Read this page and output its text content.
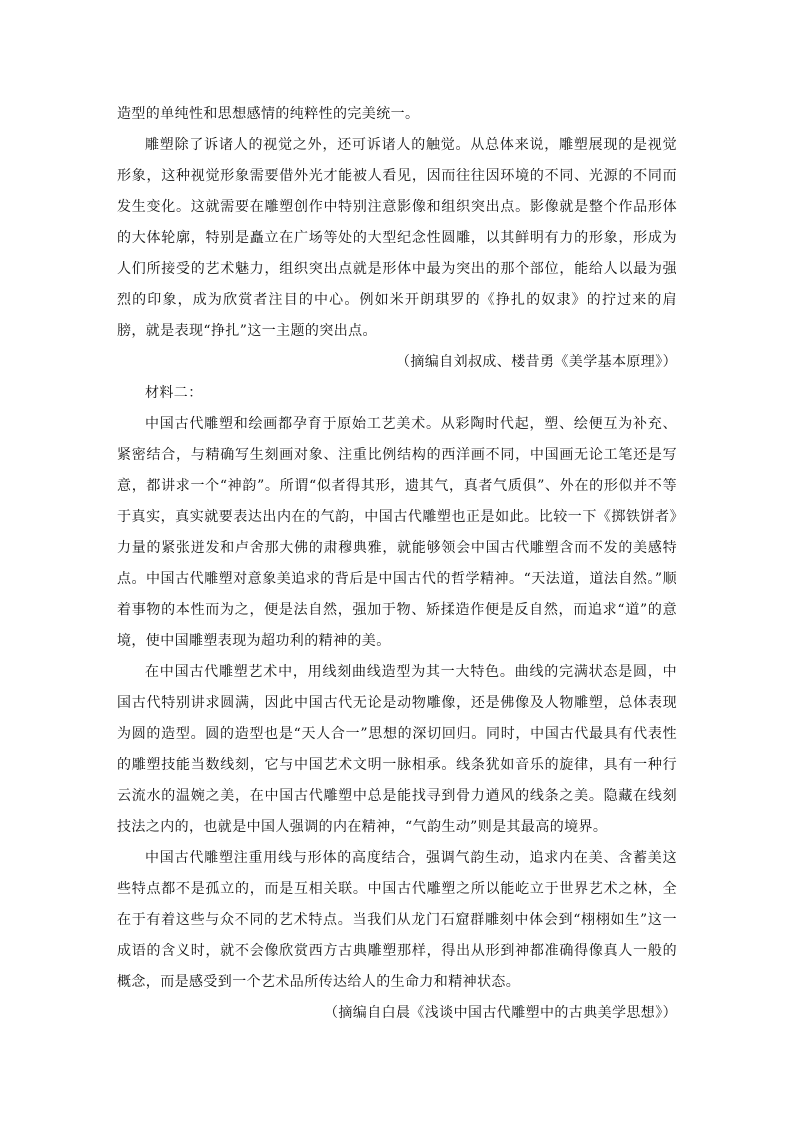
造型的单纯性和思想感情的纯粹性的完美统一。

雕塑除了诉诸人的视觉之外，还可诉诸人的触觉。从总体来说，雕塑展现的是视觉形象，这种视觉形象需要借外光才能被人看见，因而往往因环境的不同、光源的不同而发生变化。这就需要在雕塑创作中特别注意影像和组织突出点。影像就是整个作品形体的大体轮廓，特别是矗立在广场等处的大型纪念性圆雕，以其鲜明有力的形象，形成为人们所接受的艺术魅力，组织突出点就是形体中最为突出的那个部位，能给人以最为强烈的印象，成为欣赏者注目的中心。例如米开朗琪罗的《挣扎的奴隶》的拧过来的肩膀，就是表现“挣扎”这一主题的突出点。

（摘编自刘叔成、楼昔勇《美学基本原理》）

材料二：

中国古代雕塑和绘画都孕育于原始工艺美术。从彩陶时代起，塑、绘便互为补充、紧密结合，与精确写生刻画对象、注重比例结构的西洋画不同，中国画无论工笔还是写意，都讲求一个“神韵”。所谓“似者得其形，遗其气，真者气质俱”、外在的形似并不等于真实，真实就要表达出内在的气韵，中国古代雕塑也正是如此。比较一下《掷铁饼者》力量的紧张迸发和卢舍那大佛的肃穆典雅，就能够领会中国古代雕塑含而不发的美感特点。中国古代雕塑对意象美追求的背后是中国古代的哲学精神。“天法道，道法自然。”顺着事物的本性而为之，便是法自然，强加于物、矫揉造作便是反自然，而追求“道”的意境，使中国雕塑表现为超功利的精神的美。

在中国古代雕塑艺术中，用线刻曲线造型为其一大特色。曲线的完满状态是圆，中国古代特别讲求圆满，因此中国古代无论是动物雕像，还是佛像及人物雕塑，总体表现为圆的造型。圆的造型也是“天人合一”思想的深切回归。同时，中国古代最具有代表性的雕塑技能当数线刻，它与中国艺术文明一脉相承。线条犹如音乐的旋律，具有一种行云流水的温婉之美，在中国古代雕塑中总是能找寻到骨力遒风的线条之美。隐藏在线刻技法之内的，也就是中国人强调的内在精神，“气韵生动”则是其最高的境界。

中国古代雕塑注重用线与形体的高度结合，强调气韵生动，追求内在美、含蓄美这些特点都不是孤立的，而是互相关联。中国古代雕塑之所以能屹立于世界艺术之林，全在于有着这些与众不同的艺术特点。当我们从龙门石窟群雕刻中体会到“栩栩如生”这一成语的含义时，就不会像欣赏西方古典雕塑那样，得出从形到神都准确得像真人一般的概念，而是感受到一个艺术品所传达给人的生命力和精神状态。

（摘编自白晨《浅谈中国古代雕塑中的古典美学思想》）
